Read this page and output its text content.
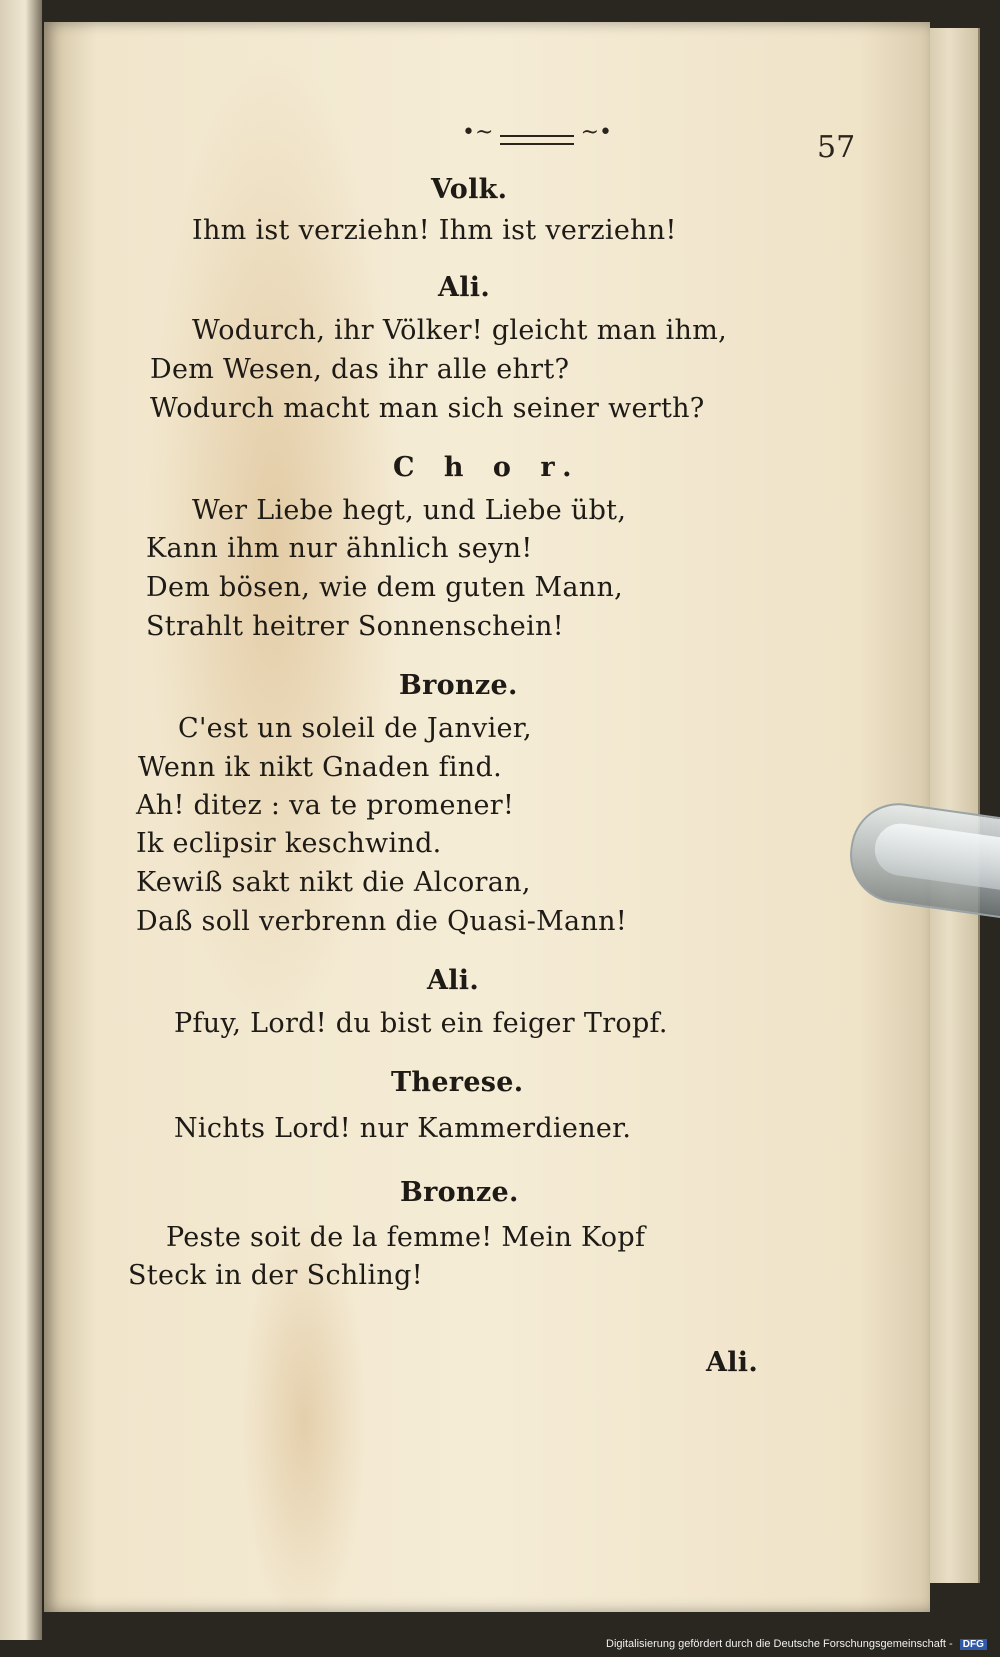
•~	~•	57
Volk.
Ihm ist verziehn! Ihm ist verziehn!
Ali.
Wodurch, ihr Völker! gleicht man ihm,
Dem Wesen, das ihr alle ehrt?
Wodurch macht man sich seiner werth?
C h o r.
Wer Liebe hegt, und Liebe übt,
Kann ihm nur ähnlich seyn!
Dem bösen, wie dem guten Mann,
Strahlt heitrer Sonnenschein!
Bronze.
C'est un soleil de Janvier,
Wenn ik nikt Gnaden find.
Ah! ditez : va te promener!
Ik eclipsir keschwind.
Kewiß sakt nikt die Alcoran,
Daß soll verbrenn die Quasi-Mann!
Ali.
Pfuy, Lord! du bist ein feiger Tropf.
Therese.
Nichts Lord! nur Kammerdiener.
Bronze.
Peste soit de la femme! Mein Kopf
Steck in der Schling!
Ali.
Digitalisierung gefördert durch die Deutsche Forschungsgemeinschaft - DFG
